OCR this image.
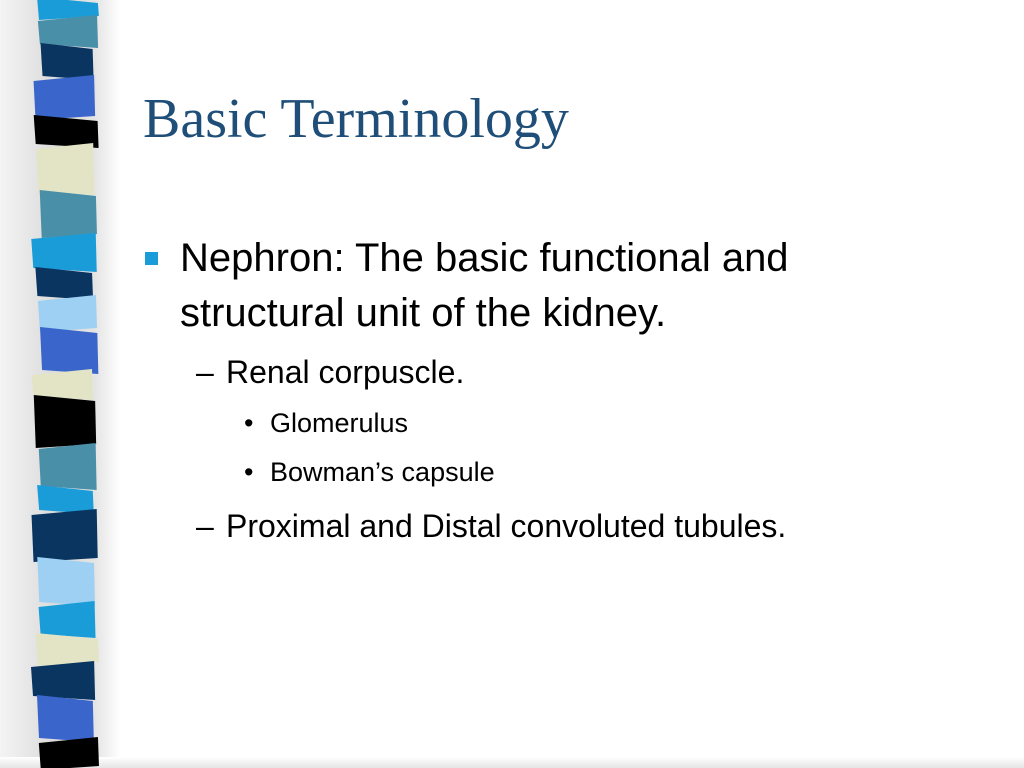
Basic Terminology

Nephron: The basic functional and

structural unit of the kidney.

– Renal corpuscle.

• Glomerulus

• Bowman’s capsule

– Proximal and Distal convoluted tubules.
